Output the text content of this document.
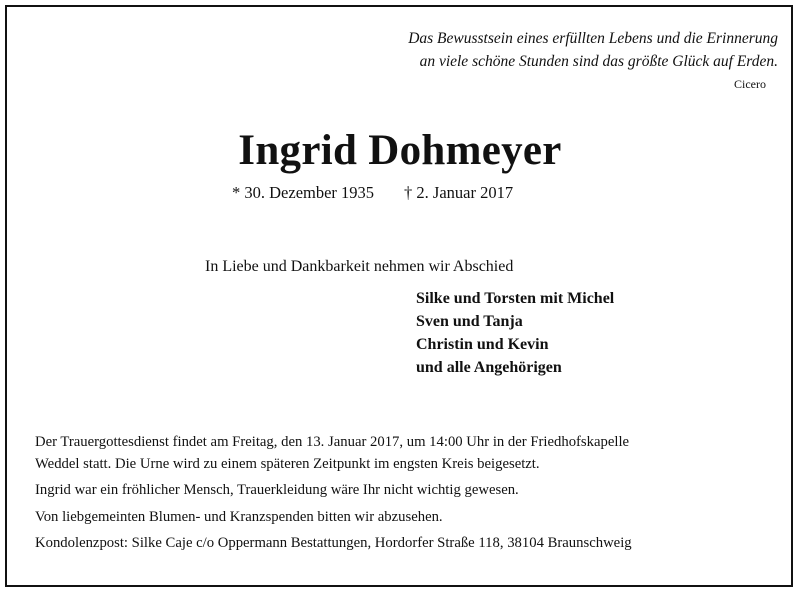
Das Bewusstsein eines erfüllten Lebens und die Erinnerung
an viele schöne Stunden sind das größte Glück auf Erden.
Cicero
Ingrid Dohmeyer
* 30. Dezember 1935 † 2. Januar 2017
In Liebe und Dankbarkeit nehmen wir Abschied
Silke und Torsten mit Michel
Sven und Tanja
Christin und Kevin
und alle Angehörigen

Der Trauergottesdienst findet am Freitag, den 13. Januar 2017, um 14:00 Uhr in der Friedhofskapelle
Weddel statt. Die Urne wird zu einem späteren Zeitpunkt im engsten Kreis beigesetzt.

Ingrid war ein fröhlicher Mensch, Trauerkleidung wäre Ihr nicht wichtig gewesen.

Von liebgemeinten Blumen- und Kranzspenden bitten wir abzusehen.

Kondolenzpost: Silke Caje c/o Oppermann Bestattungen, Hordorfer Straße 118, 38104 Braunschweig
